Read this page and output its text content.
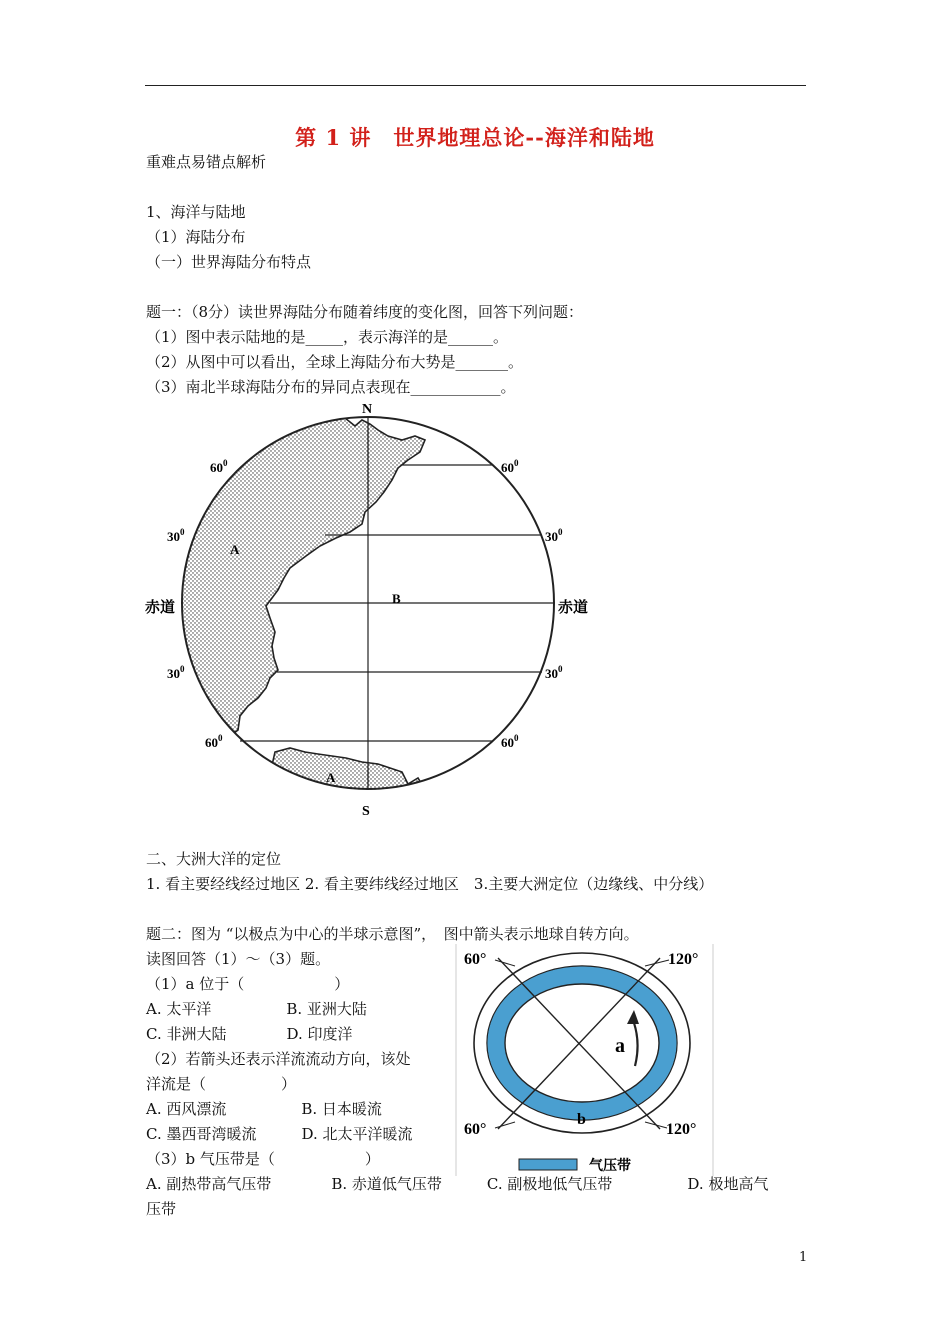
第 1 讲　世界地理总论--海洋和陆地
重难点易错点解析
1、海洋与陆地
（1）海陆分布
（一）世界海陆分布特点
题一：（8分）读世界海陆分布随着纬度的变化图，回答下列问题：
（1）图中表示陆地的是_____，表示海洋的是______。
（2）从图中可以看出，全球上海陆分布大势是_______。
（3）南北半球海陆分布的异同点表现在____________。
N
S
赤道	赤道
$60^0$	$60^0$
$30^0$	$30^0$
$30^0$	$30^0$
$60^0$	$60^0$
A
A
B
二、大洲大洋的定位
1. 看主要经线经过地区 2. 看主要纬线经过地区　3.主要大洲定位（边缘线、中分线）
题二：图为 “以极点为中心的半球示意图”，　图中箭头表示地球自转方向。
读图回答（1）～（3）题。
（1）a 位于（　　　　　　）
A. 太平洋　　　　　B. 亚洲大陆
C. 非洲大陆　　　　D. 印度洋
（2）若箭头还表示洋流流动方向，该处
洋流是（　　　　　）
A. 西风漂流　　　　　B. 日本暖流
C. 墨西哥湾暖流　　　D. 北太平洋暖流
（3）b 气压带是（　　　　　　）
A. 副热带高气压带　　　　B. 赤道低气压带　　　C. 副极地低气压带　　　　　D. 极地高气
压带
a
b
60°	120°
60°	120°
气压带
1
